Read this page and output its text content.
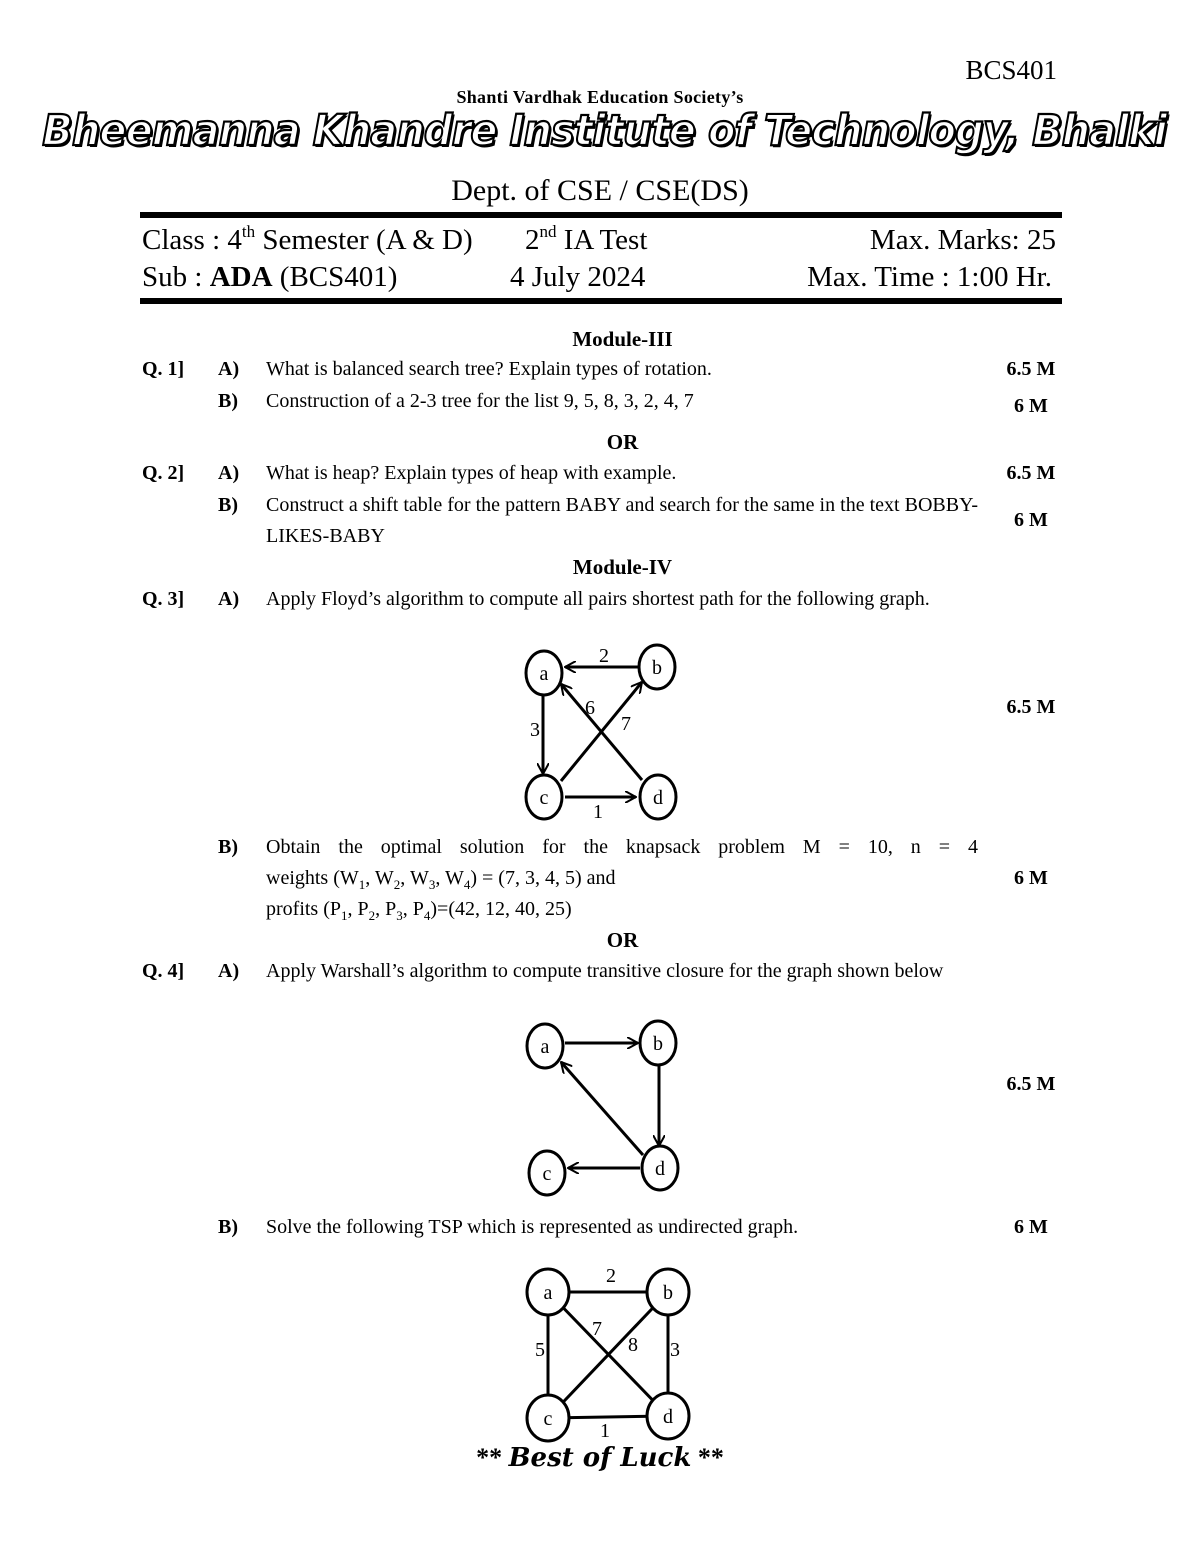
BCS401
Shanti Vardhak Education Society’s
Bheemanna Khandre Institute of Technology, Bhalki
Dept. of CSE / CSE(DS)
Class : 4th Semester (A & D) 2nd IA Test	Max. Marks: 25
Sub : ADA (BCS401)	4 July 2024	Max. Time : 1:00 Hr.
Module-III
Q. 1] A) What is balanced search tree? Explain types of rotation.	6.5 M
B) Construction of a 2-3 tree for the list 9, 5, 8, 3, 2, 4, 7	6 M
OR
Q. 2] A) What is heap? Explain types of heap with example.	6.5 M
B) Construct a shift table for the pattern BABY and search for the same in the text BOBBY-LIKES-BABY
6 M
Module-IV
Q. 3] A) Apply Floyd’s algorithm to compute all pairs shortest path for the following graph.
6.5 M
a	b
c	d
2
3
6
7
1
B) Obtain the optimal solution for the knapsack problem M = 10, n = 4
weights ($W_1$, $W_2$, $W_3$, $W_4) = (7$, 3, 4, 5) and
profits ($P_1$, $P_2$, $P_3$, $P_4)=(42$, 12, 40, 25)
6 M
OR
Q. 4] A) Apply Warshall’s algorithm to compute transitive closure for the graph shown below
6.5 M
a	b
c	d
B) Solve the following TSP which is represented as undirected graph.	6 M
a	b
c	d
2
5
7
8 3
1
** Best of Luck **
